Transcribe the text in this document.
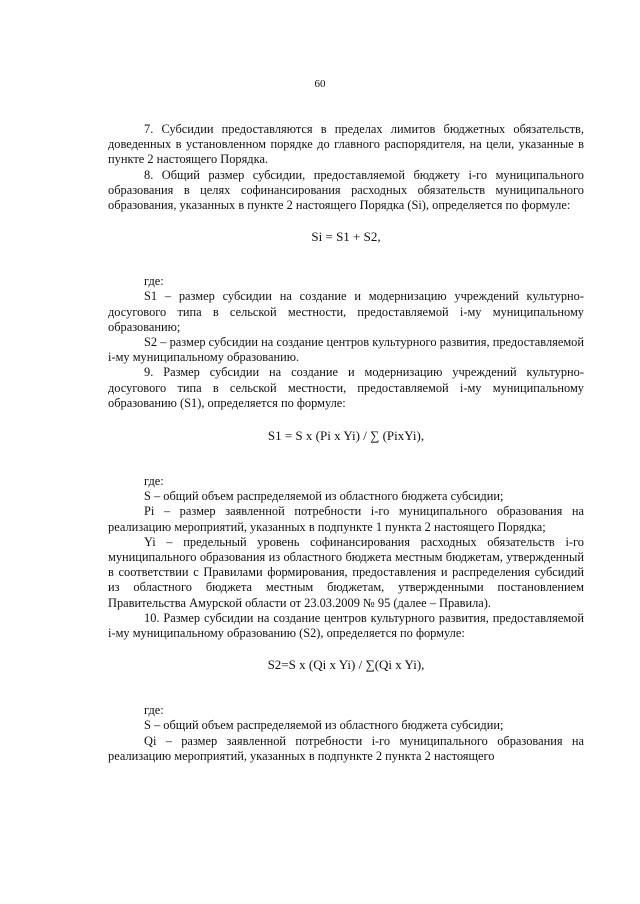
60

7. Субсидии предоставляются в пределах лимитов бюджетных обязательств, доведенных в установленном порядке до главного распорядителя, на цели, указанные в пункте 2 настоящего Порядка.

8. Общий размер субсидии, предоставляемой бюджету i-го муниципального образования в целях софинансирования расходных обязательств муниципального образования, указанных в пункте 2 настоящего Порядка (Si), определяется по формуле:

Si = S1 + S2,

где:

S1 – размер субсидии на создание и модернизацию учреждений культурно-досугового типа в сельской местности, предоставляемой i-му муниципальному образованию;

S2 – размер субсидии на создание центров культурного развития, предоставляемой i-му муниципальному образованию.

9. Размер субсидии на создание и модернизацию учреждений культурно-досугового типа в сельской местности, предоставляемой i-му муниципальному образованию (S1), определяется по формуле:

S1 = S x (Pi x Yi) / ∑ (PixYi),

где:

S – общий объем распределяемой из областного бюджета субсидии;

Pi – размер заявленной потребности i-го муниципального образования на реализацию мероприятий, указанных в подпункте 1 пункта 2 настоящего Порядка;

Yi – предельный уровень софинансирования расходных обязательств i-го муниципального образования из областного бюджета местным бюджетам, утвержденный в соответствии с Правилами формирования, предоставления и распределения субсидий из областного бюджета местным бюджетам, утвержденными постановлением Правительства Амурской области от 23.03.2009 № 95 (далее – Правила).

10. Размер субсидии на создание центров культурного развития, предоставляемой i-му муниципальному образованию (S2), определяется по формуле:

S2=S x (Qi x Yi) / ∑(Qi x Yi),

где:

S – общий объем распределяемой из областного бюджета субсидии;

Qi – размер заявленной потребности i-го муниципального образования на реализацию мероприятий, указанных в подпункте 2 пункта 2 настоящего
